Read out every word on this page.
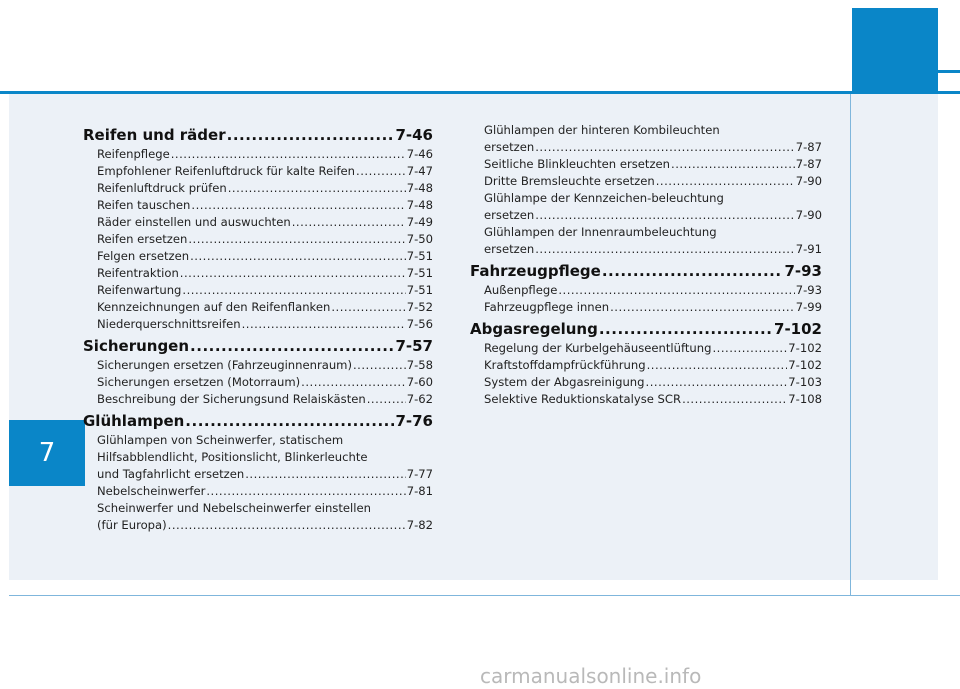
7
Reifen und räder .....	7-46
Reifenpflege .....	7-46
Empfohlener Reifenluftdruck für kalte Reifen .....	7-47
Reifenluftdruck prüfen .....	7-48
Reifen tauschen .....	7-48
Räder einstellen und auswuchten .....	7-49
Reifen ersetzen .....	7-50
Felgen ersetzen .....	7-51
Reifentraktion .....	7-51
Reifenwartung .....	7-51
Kennzeichnungen auf den Reifenflanken .....	7-52
Niederquerschnittsreifen .....	7-56
Sicherungen .....	7-57
Sicherungen ersetzen (Fahrzeuginnenraum) .....	7-58
Sicherungen ersetzen (Motorraum) .....	7-60
Beschreibung der Sicherungsund Relaiskästen .....	7-62
Glühlampen .....	7-76
Glühlampen von Scheinwerfer, statischem
Hilfsabblendlicht, Positionslicht, Blinkerleuchte
und Tagfahrlicht ersetzen .....	7-77
Nebelscheinwerfer .....	7-81
Scheinwerfer und Nebelscheinwerfer einstellen
(für Europa) .....	7-82
Glühlampen der hinteren Kombileuchten
ersetzen .....	7-87
Seitliche Blinkleuchten ersetzen .....	7-87
Dritte Bremsleuchte ersetzen .....	7-90
Glühlampe der Kennzeichen-beleuchtung
ersetzen .....	7-90
Glühlampen der Innenraumbeleuchtung
ersetzen .....	7-91
Fahrzeugpflege .....	7-93
Außenpflege .....	7-93
Fahrzeugpflege innen .....	7-99
Abgasregelung .....	7-102
Regelung der Kurbelgehäuseentlüftung .....	7-102
Kraftstoffdampfrückführung .....	7-102
System der Abgasreinigung .....	7-103
Selektive Reduktionskatalyse SCR .....	7-108
carmanualsonline.info
